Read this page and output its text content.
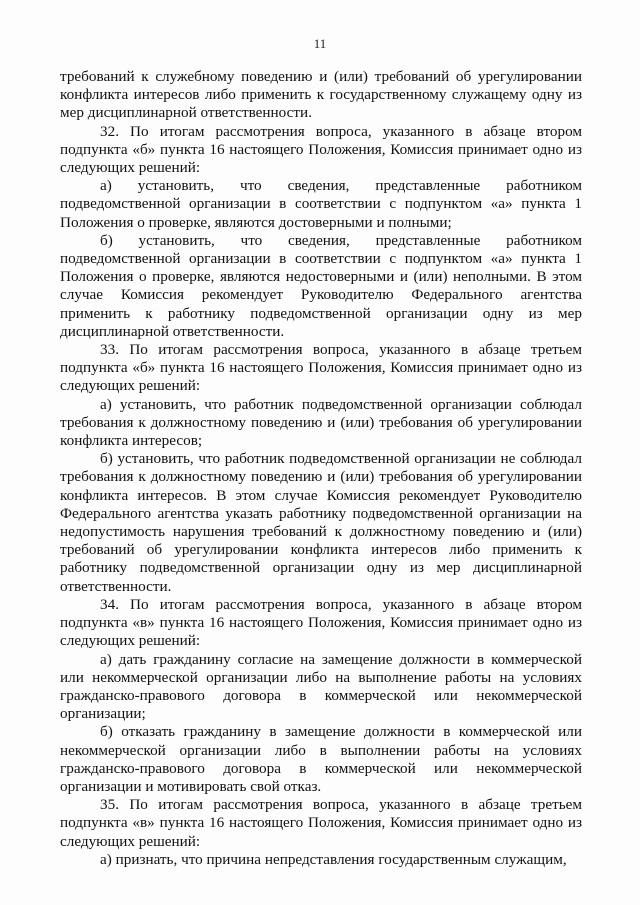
11

требований к служебному поведению и (или) требований об урегулировании конфликта интересов либо применить к государственному служащему одну из мер дисциплинарной ответственности.

32. По итогам рассмотрения вопроса, указанного в абзаце втором подпункта «б» пункта 16 настоящего Положения, Комиссия принимает одно из следующих решений:

а) установить, что сведения, представленные работником подведомственной организации в соответствии с подпунктом «а» пункта 1 Положения о проверке, являются достоверными и полными;

б) установить, что сведения, представленные работником подведомственной организации в соответствии с подпунктом «а» пункта 1 Положения о проверке, являются недостоверными и (или) неполными. В этом случае Комиссия рекомендует Руководителю Федерального агентства применить к работнику подведомственной организации одну из мер дисциплинарной ответственности.

33. По итогам рассмотрения вопроса, указанного в абзаце третьем подпункта «б» пункта 16 настоящего Положения, Комиссия принимает одно из следующих решений:

а) установить, что работник подведомственной организации соблюдал требования к должностному поведению и (или) требования об урегулировании конфликта интересов;

б) установить, что работник подведомственной организации не соблюдал требования к должностному поведению и (или) требования об урегулировании конфликта интересов. В этом случае Комиссия рекомендует Руководителю Федерального агентства указать работнику подведомственной организации на недопустимость нарушения требований к должностному поведению и (или) требований об урегулировании конфликта интересов либо применить к работнику подведомственной организации одну из мер дисциплинарной ответственности.

34. По итогам рассмотрения вопроса, указанного в абзаце втором подпункта «в» пункта 16 настоящего Положения, Комиссия принимает одно из следующих решений:

а) дать гражданину согласие на замещение должности в коммерческой или некоммерческой организации либо на выполнение работы на условиях гражданско-правового договора в коммерческой или некоммерческой организации;

б) отказать гражданину в замещение должности в коммерческой или некоммерческой организации либо в выполнении работы на условиях гражданско-правового договора в коммерческой или некоммерческой организации и мотивировать свой отказ.

35. По итогам рассмотрения вопроса, указанного в абзаце третьем подпункта «в» пункта 16 настоящего Положения, Комиссия принимает одно из следующих решений:

а) признать, что причина непредставления государственным служащим,
